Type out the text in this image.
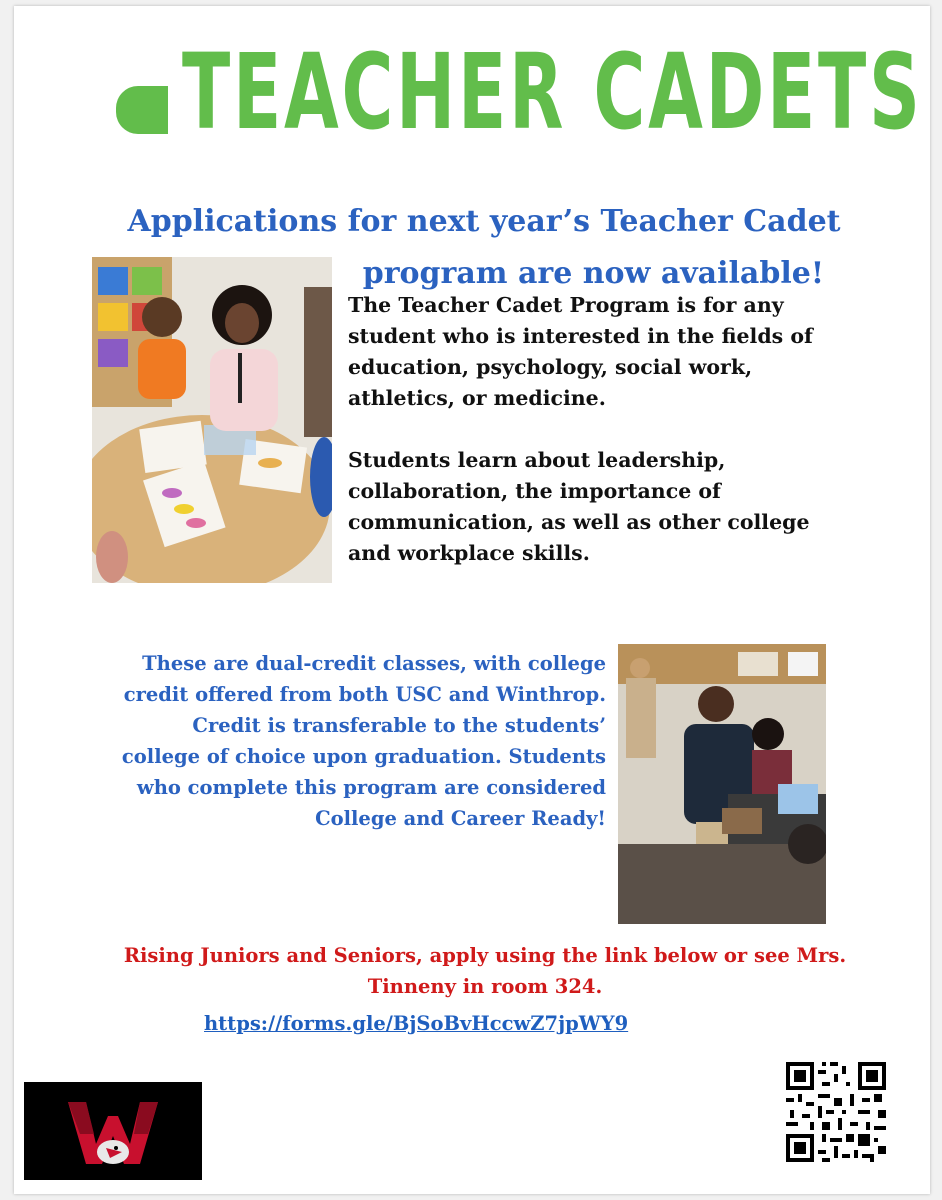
TEACHER CADETS
Applications for next year’s Teacher Cadet
program are now available!

The Teacher Cadet Program is for any student who is interested in the fields of education, psychology, social work, athletics, or medicine.

Students learn about leadership, collaboration, the importance of communication, as well as other college and workplace skills.

These are dual-credit classes, with college credit offered from both USC and Winthrop. Credit is transferable to the students’ college of choice upon graduation. Students who complete this program are considered College and Career Ready!
Rising Juniors and Seniors, apply using the link below or see Mrs. Tinneny in room 324.
https://forms.gle/BjSoBvHccwZ7jpWY9
